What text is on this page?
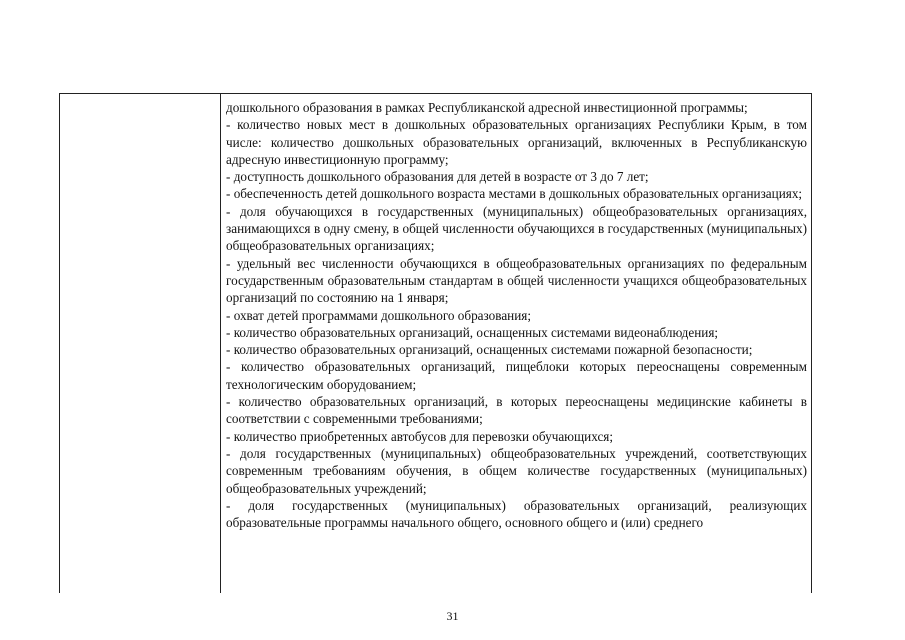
дошкольного образования в рамках Республиканской адресной инвестиционной программы;

- количество новых мест в дошкольных образовательных организациях Республики Крым, в том числе: количество дошкольных образовательных организаций, включенных в Республиканскую адресную инвестиционную программу;

- доступность дошкольного образования для детей в возрасте от 3 до 7 лет;

- обеспеченность детей дошкольного возраста местами в дошкольных образовательных организациях;

- доля обучающихся в государственных (муниципальных) общеобразовательных организациях, занимающихся в одну смену, в общей численности обучающихся в государственных (муниципальных) общеобразовательных организациях;

- удельный вес численности обучающихся в общеобразовательных организациях по федеральным государственным образовательным стандартам в общей численности учащихся общеобразовательных организаций по состоянию на 1 января;

- охват детей программами дошкольного образования;

- количество образовательных организаций, оснащенных системами видеонаблюдения;

- количество образовательных организаций, оснащенных системами пожарной безопасности;

- количество образовательных организаций, пищеблоки которых переоснащены современным технологическим оборудованием;

- количество образовательных организаций, в которых переоснащены медицинские кабинеты в соответствии с современными требованиями;

- количество приобретенных автобусов для перевозки обучающихся;

- доля государственных (муниципальных) общеобразовательных учреждений, соответствующих современным требованиям обучения, в общем количестве государственных (муниципальных) общеобразовательных учреждений;

- доля государственных (муниципальных) образовательных организаций, реализующих образовательные программы начального общего, основного общего и (или) среднего

31
